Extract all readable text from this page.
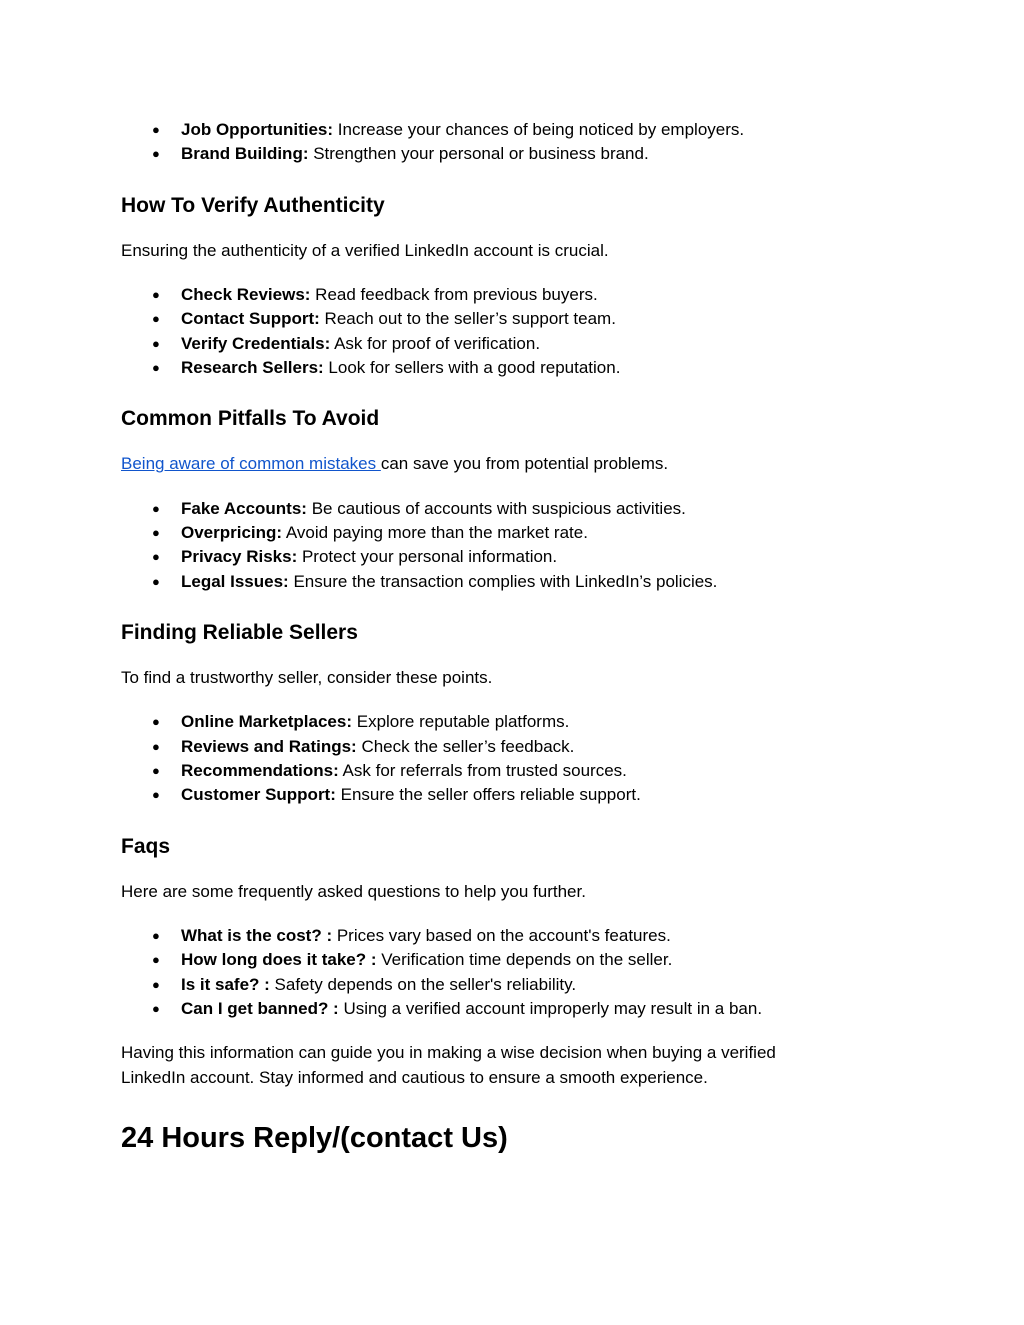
● Job Opportunities: Increase your chances of being noticed by employers.
● Brand Building: Strengthen your personal or business brand.
How To Verify Authenticity

Ensuring the authenticity of a verified LinkedIn account is crucial.

● Check Reviews: Read feedback from previous buyers.
● Contact Support: Reach out to the seller’s support team.
● Verify Credentials: Ask for proof of verification.
● Research Sellers: Look for sellers with a good reputation.
Common Pitfalls To Avoid

Being aware of common mistakes can save you from potential problems.

● Fake Accounts: Be cautious of accounts with suspicious activities.
● Overpricing: Avoid paying more than the market rate.
● Privacy Risks: Protect your personal information.
● Legal Issues: Ensure the transaction complies with LinkedIn’s policies.
Finding Reliable Sellers

To find a trustworthy seller, consider these points.

● Online Marketplaces: Explore reputable platforms.
● Reviews and Ratings: Check the seller’s feedback.
● Recommendations: Ask for referrals from trusted sources.
● Customer Support: Ensure the seller offers reliable support.
Faqs

Here are some frequently asked questions to help you further.

● What is the cost? : Prices vary based on the account's features.
● How long does it take? : Verification time depends on the seller.
● Is it safe? : Safety depends on the seller's reliability.
● Can I get banned? : Using a verified account improperly may result in a ban.

Having this information can guide you in making a wise decision when buying a verified LinkedIn account. Stay informed and cautious to ensure a smooth experience.

24 Hours Reply/(contact Us)
